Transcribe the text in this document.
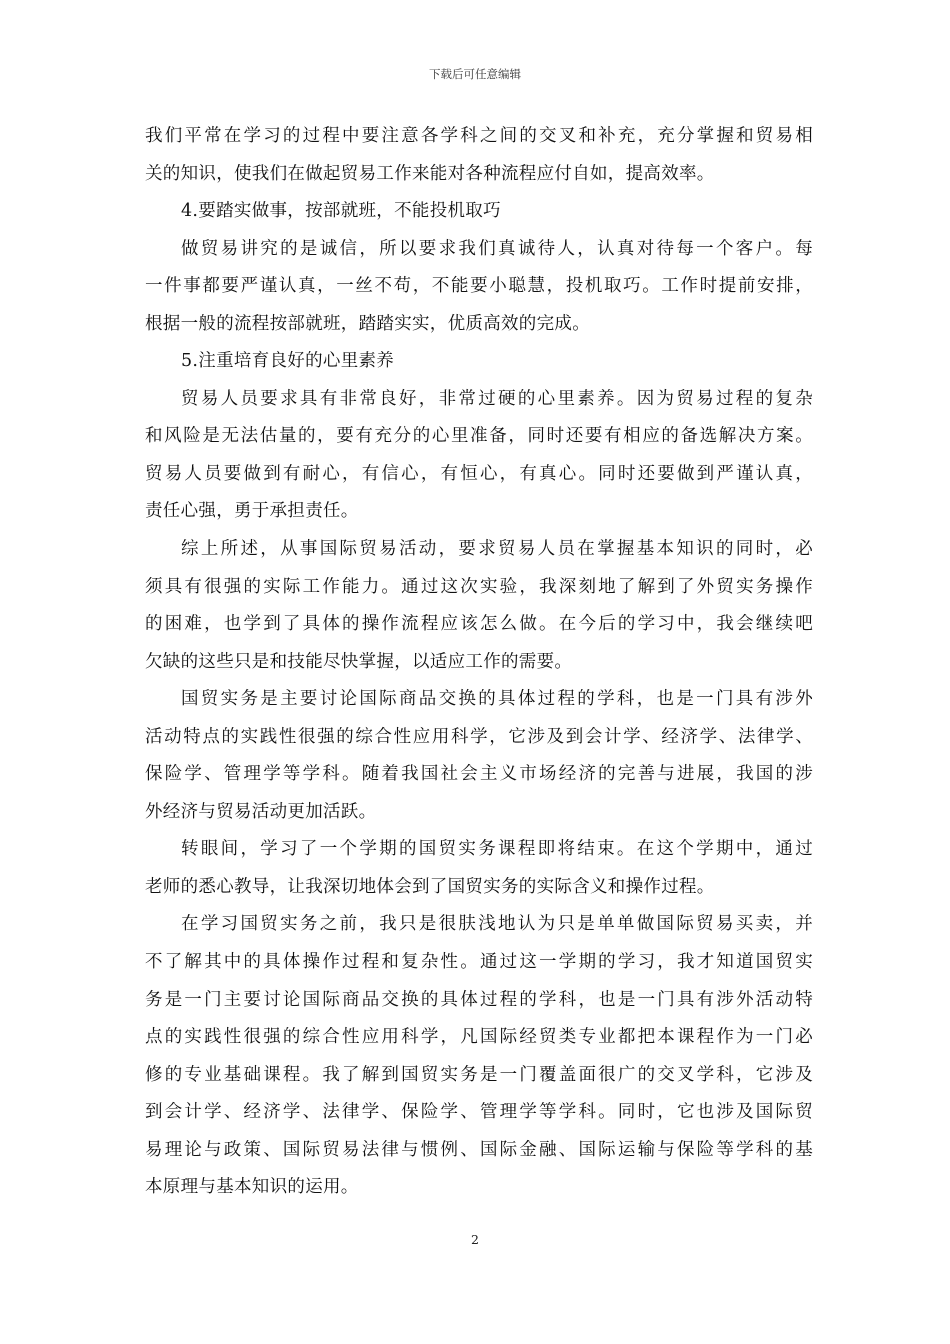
下载后可任意编辑
我们平常在学习的过程中要注意各学科之间的交叉和补充，充分掌握和贸易相
关的知识，使我们在做起贸易工作来能对各种流程应付自如，提高效率。
4.要踏实做事，按部就班，不能投机取巧
做贸易讲究的是诚信，所以要求我们真诚待人，认真对待每一个客户。每
一件事都要严谨认真，一丝不苟，不能要小聪慧，投机取巧。工作时提前安排，
根据一般的流程按部就班，踏踏实实，优质高效的完成。
5.注重培育良好的心里素养
贸易人员要求具有非常良好，非常过硬的心里素养。因为贸易过程的复杂
和风险是无法估量的，要有充分的心里准备，同时还要有相应的备选解决方案。
贸易人员要做到有耐心，有信心，有恒心，有真心。同时还要做到严谨认真，
责任心强，勇于承担责任。
综上所述，从事国际贸易活动，要求贸易人员在掌握基本知识的同时，必
须具有很强的实际工作能力。通过这次实验，我深刻地了解到了外贸实务操作
的困难，也学到了具体的操作流程应该怎么做。在今后的学习中，我会继续吧
欠缺的这些只是和技能尽快掌握，以适应工作的需要。
国贸实务是主要讨论国际商品交换的具体过程的学科，也是一门具有涉外
活动特点的实践性很强的综合性应用科学，它涉及到会计学、经济学、法律学、
保险学、管理学等学科。随着我国社会主义市场经济的完善与进展，我国的涉
外经济与贸易活动更加活跃。
转眼间，学习了一个学期的国贸实务课程即将结束。在这个学期中，通过
老师的悉心教导，让我深切地体会到了国贸实务的实际含义和操作过程。
在学习国贸实务之前，我只是很肤浅地认为只是单单做国际贸易买卖，并
不了解其中的具体操作过程和复杂性。通过这一学期的学习，我才知道国贸实
务是一门主要讨论国际商品交换的具体过程的学科，也是一门具有涉外活动特
点的实践性很强的综合性应用科学，凡国际经贸类专业都把本课程作为一门必
修的专业基础课程。我了解到国贸实务是一门覆盖面很广的交叉学科，它涉及
到会计学、经济学、法律学、保险学、管理学等学科。同时，它也涉及国际贸
易理论与政策、国际贸易法律与惯例、国际金融、国际运输与保险等学科的基
本原理与基本知识的运用。
2
